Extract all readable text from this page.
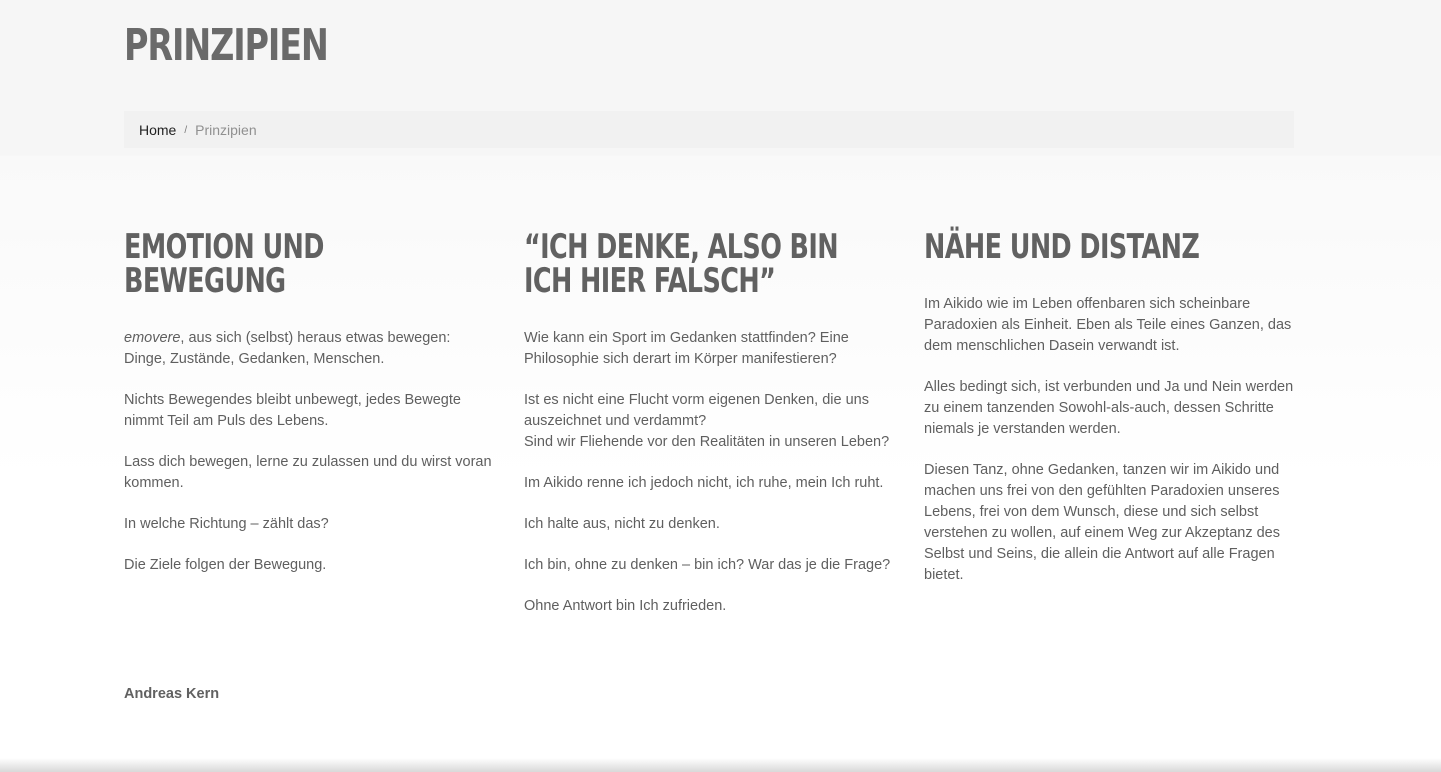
PRINZIPIEN
Home / Prinzipien
EMOTION UND BEWEGUNG

emovere, aus sich (selbst) heraus etwas bewegen: Dinge, Zustände, Gedanken, Menschen.

Nichts Bewegendes bleibt unbewegt, jedes Bewegte nimmt Teil am Puls des Lebens.

Lass dich bewegen, lerne zu zulassen und du wirst voran kommen.

In welche Richtung – zählt das?

Die Ziele folgen der Bewegung.

“ICH DENKE, ALSO BIN ICH HIER FALSCH”

Wie kann ein Sport im Gedanken stattfinden? Eine Philosophie sich derart im Körper manifestieren?

Ist es nicht eine Flucht vorm eigenen Denken, die uns auszeichnet und verdammt?
Sind wir Fliehende vor den Realitäten in unseren Leben?

Im Aikido renne ich jedoch nicht, ich ruhe, mein Ich ruht.

Ich halte aus, nicht zu denken.

Ich bin, ohne zu denken – bin ich? War das je die Frage?

Ohne Antwort bin Ich zufrieden.

NÄHE UND DISTANZ

Im Aikido wie im Leben offenbaren sich scheinbare Paradoxien als Einheit. Eben als Teile eines Ganzen, das dem menschlichen Dasein verwandt ist.

Alles bedingt sich, ist verbunden und Ja und Nein werden zu einem tanzenden Sowohl-als-auch, dessen Schritte niemals je verstanden werden.

Diesen Tanz, ohne Gedanken, tanzen wir im Aikido und machen uns frei von den gefühlten Paradoxien unseres Lebens, frei von dem Wunsch, diese und sich selbst verstehen zu wollen, auf einem Weg zur Akzeptanz des Selbst und Seins, die allein die Antwort auf alle Fragen bietet.

Andreas Kern
